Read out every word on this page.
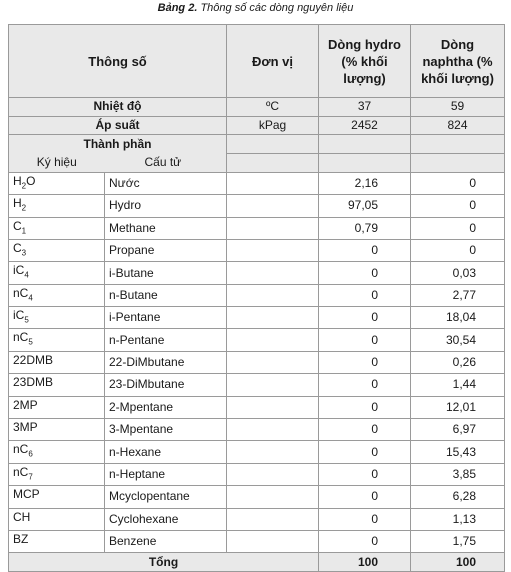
Bảng 2. Thông số các dòng nguyên liệu
Thông số		Đơn vị	Dòng hydro (% khối lượng)	Dòng naphtha (% khối lượng)
Nhiệt độ		ºC	37	59
Áp suất		kPag	2452	824
Thành phần				
Ký hiệu	Cấu tử			
$H_2O$	Nước		2,16	0
$H_2$	Hydro		97,05	0
$C_1$	Methane		0,79	0
$C_3$	Propane		0	0
$iC_4$	i-Butane		0	0,03
$nC_4$	n-Butane		0	2,77
$iC_5$	i-Pentane		0	18,04
$nC_5$	n-Pentane		0	30,54
22DMB	22-DiMbutane		0	0,26
23DMB	23-DiMbutane		0	1,44
2MP	2-Mpentane		0	12,01
3MP	3-Mpentane		0	6,97
$nC_6$	n-Hexane		0	15,43
$nC_7$	n-Heptane		0	3,85
MCP	Mcyclopentane		0	6,28
CH	Cyclohexane		0	1,13
BZ	Benzene		0	1,75
Tổng			100	100
